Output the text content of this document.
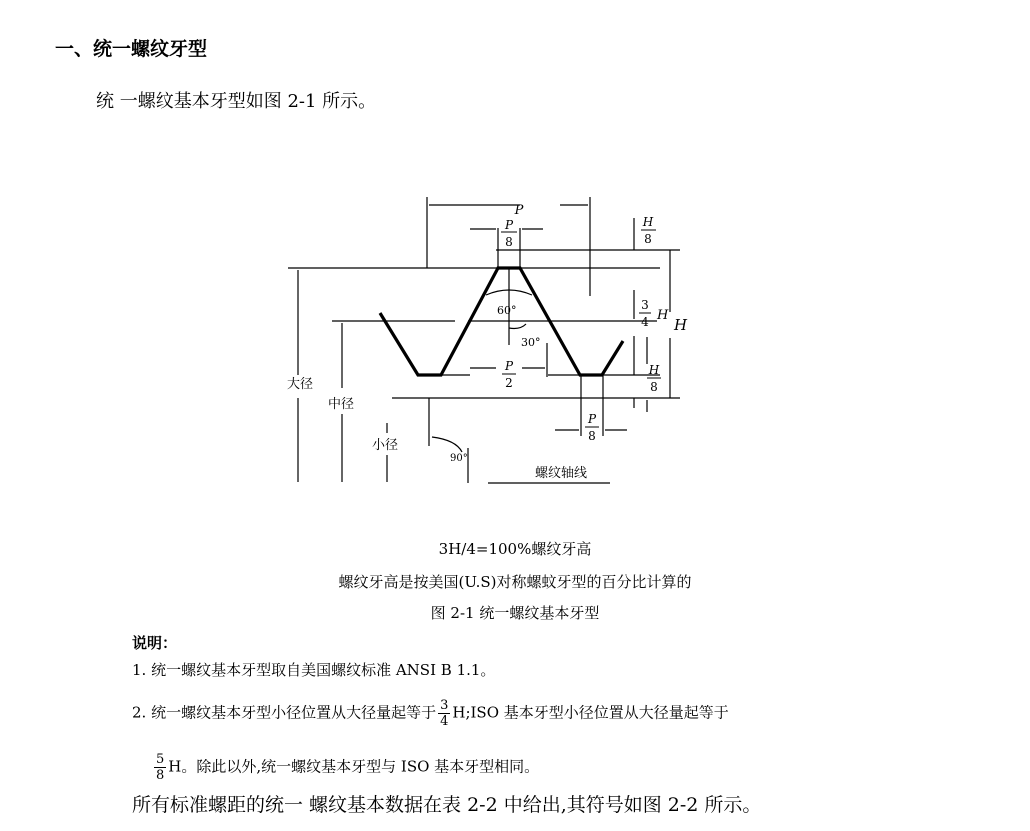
一、统一螺纹牙型
统 一螺纹基本牙型如图 2-1 所示。
P
P
8
H
8
60°
30°
3
4 H
H
P
2
H
8
P
8
大径
中径
小径
90°
螺纹轴线
3H/4=100%螺纹牙高
螺纹牙高是按美国(U.S)对称螺蚊牙型的百分比计算的
图 2-1 统一螺纹基本牙型
说明：
1. 统一螺纹基本牙型取自美国螺纹标准 ANSI B 1.1。
2. 统一螺纹基本牙型小径位置从大径量起等于 $\frac{3}{4}$ H;ISO 基本牙型小径位置从大径量起等于
$\frac{5}{8}$ H。除此以外,统一螺纹基本牙型与 ISO 基本牙型相同。
所有标准螺距的统一 螺纹基本数据在表 2-2 中给出,其符号如图 2-2 所示。
